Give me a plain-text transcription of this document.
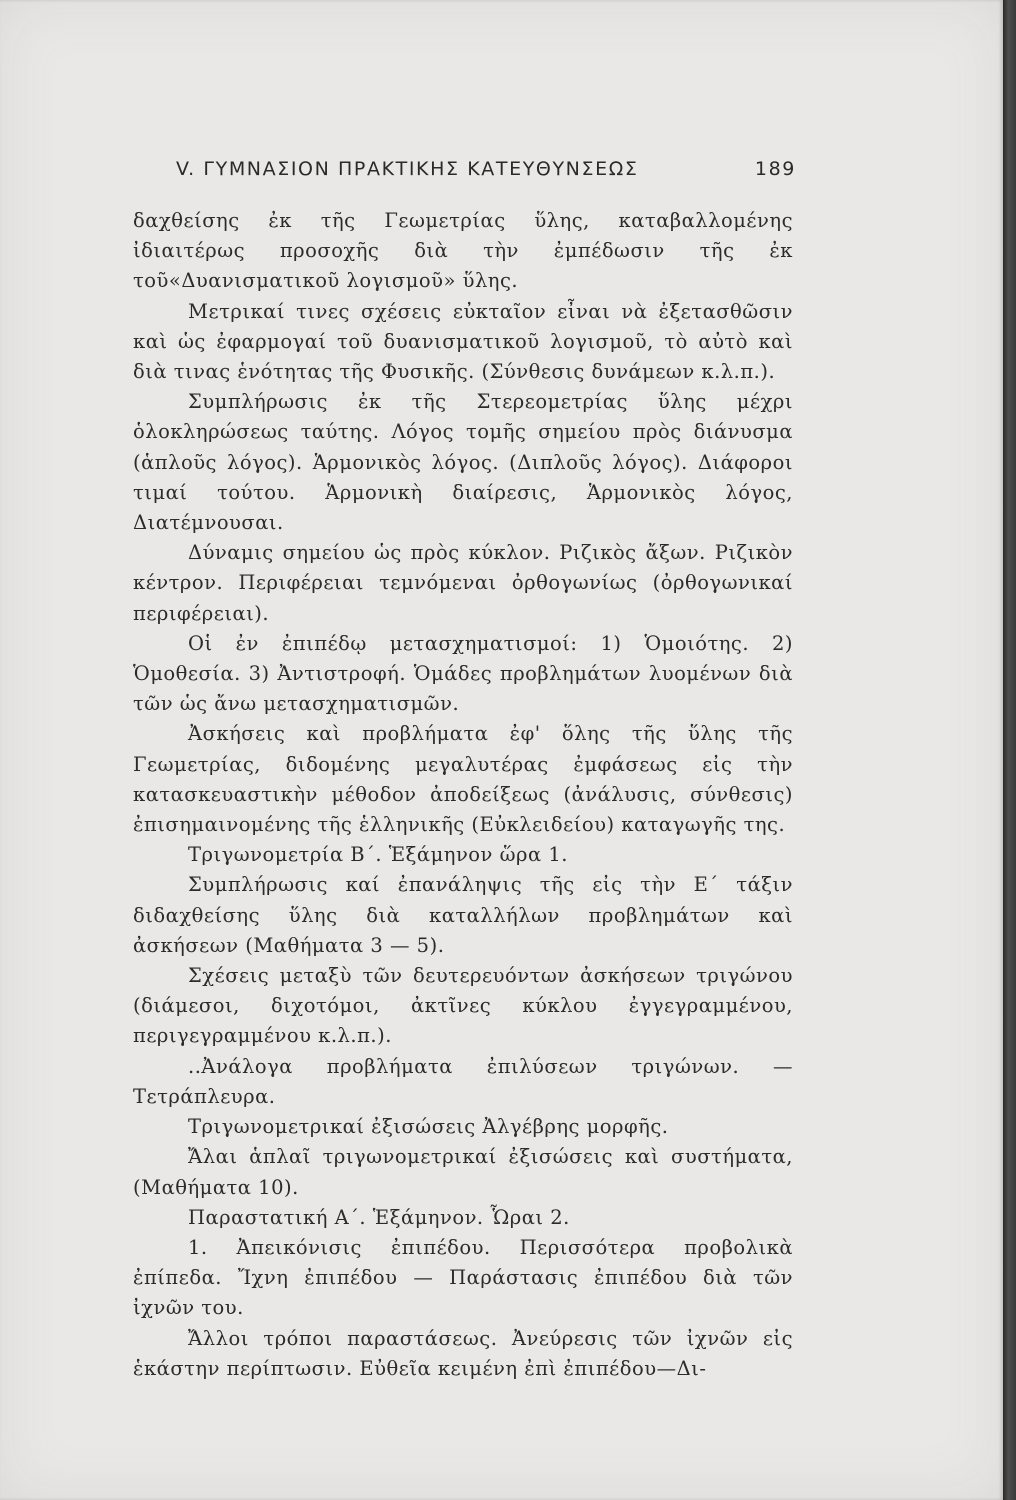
V. ΓΥΜΝΑΣΙΟΝ ΠΡΑΚΤΙΚΗΣ ΚΑΤΕΥΘΥΝΣΕΩΣ	189

δαχθείσης ἐκ τῆς Γεωμετρίας ὕλης, καταβαλλομένης ἰδιαιτέρως προσοχῆς διὰ τὴν ἐμπέδωσιν τῆς ἐκ τοῦ«Δυανισματικοῦ λογισμοῦ» ὕλης.

Μετρικαί τινες σχέσεις εὐκταῖον εἶναι νὰ ἐξετασθῶσιν καὶ ὡς ἐφαρμογαί τοῦ δυανισματικοῦ λογισμοῦ, τὸ αὐτὸ καὶ διὰ τινας ἑνότητας τῆς Φυσικῆς. (Σύνθεσις δυνάμεων κ.λ.π.).

Συμπλήρωσις ἐκ τῆς Στερεομετρίας ὕλης μέχρι ὁλοκληρώσεως ταύτης. Λόγος τομῆς σημείου πρὸς διάνυσμα (ἁπλοῦς λόγος). Ἁρμονικὸς λόγος. (Διπλοῦς λόγος). Διάφοροι τιμαί τούτου. Ἁρμονικὴ διαίρεσις, Ἁρμονικὸς λόγος, Διατέμνουσαι.

Δύναμις σημείου ὡς πρὸς κύκλον. Ριζικὸς ἄξων. Ριζικὸν κέντρον. Περιφέρειαι τεμνόμεναι ὀρθογωνίως (ὀρθογωνικαί περιφέρειαι).

Οἱ ἐν ἐπιπέδῳ μετασχηματισμοί: 1) Ὁμοιότης. 2) Ὁμοθεσία. 3) Ἀντιστροφή. Ὁμάδες προβλημάτων λυομένων διὰ τῶν ὡς ἄνω μετασχηματισμῶν.

Ἀσκήσεις καὶ προβλήματα ἐφ' ὅλης τῆς ὕλης τῆς Γεωμετρίας, διδομένης μεγαλυτέρας ἐμφάσεως εἰς τὴν κατασκευαστικὴν μέθοδον ἀποδείξεως (ἀνάλυσις, σύνθεσις) ἐπισημαινομένης τῆς ἑλληνικῆς (Εὐκλειδείου) καταγωγῆς της.

Τριγωνομετρία Β΄. Ἑξάμηνον ὥρα 1.

Συμπλήρωσις καί ἐπανάληψις τῆς εἰς τὴν Ε΄ τάξιν διδαχθείσης ὕλης διὰ καταλλήλων προβλημάτων καὶ ἀσκήσεων (Μαθήματα 3 — 5).

Σχέσεις μεταξὺ τῶν δευτερευόντων ἀσκήσεων τριγώνου (διάμεσοι, διχοτόμοι, ἀκτῖνες κύκλου ἐγγεγραμμένου, περιγεγραμμένου κ.λ.π.).

..Ἀνάλογα προβλήματα ἐπιλύσεων τριγώνων. — Τετράπλευρα.

Τριγωνομετρικαί ἐξισώσεις Ἀλγέβρης μορφῆς.

Ἄλαι ἁπλαῖ τριγωνομετρικαί ἐξισώσεις καὶ συστήματα, (Μαθήματα 10).

Παραστατική Α΄. Ἑξάμηνον. Ὧραι 2.

1. Ἀπεικόνισις ἐπιπέδου. Περισσότερα προβολικὰ ἐπίπεδα. Ἴχνη ἐπιπέδου — Παράστασις ἐπιπέδου διὰ τῶν ἰχνῶν του.

Ἄλλοι τρόποι παραστάσεως. Ἀνεύρεσις τῶν ἰχνῶν εἰς ἑκάστην περίπτωσιν. Εὐθεῖα κειμένη ἐπὶ ἐπιπέδου—Δι-
